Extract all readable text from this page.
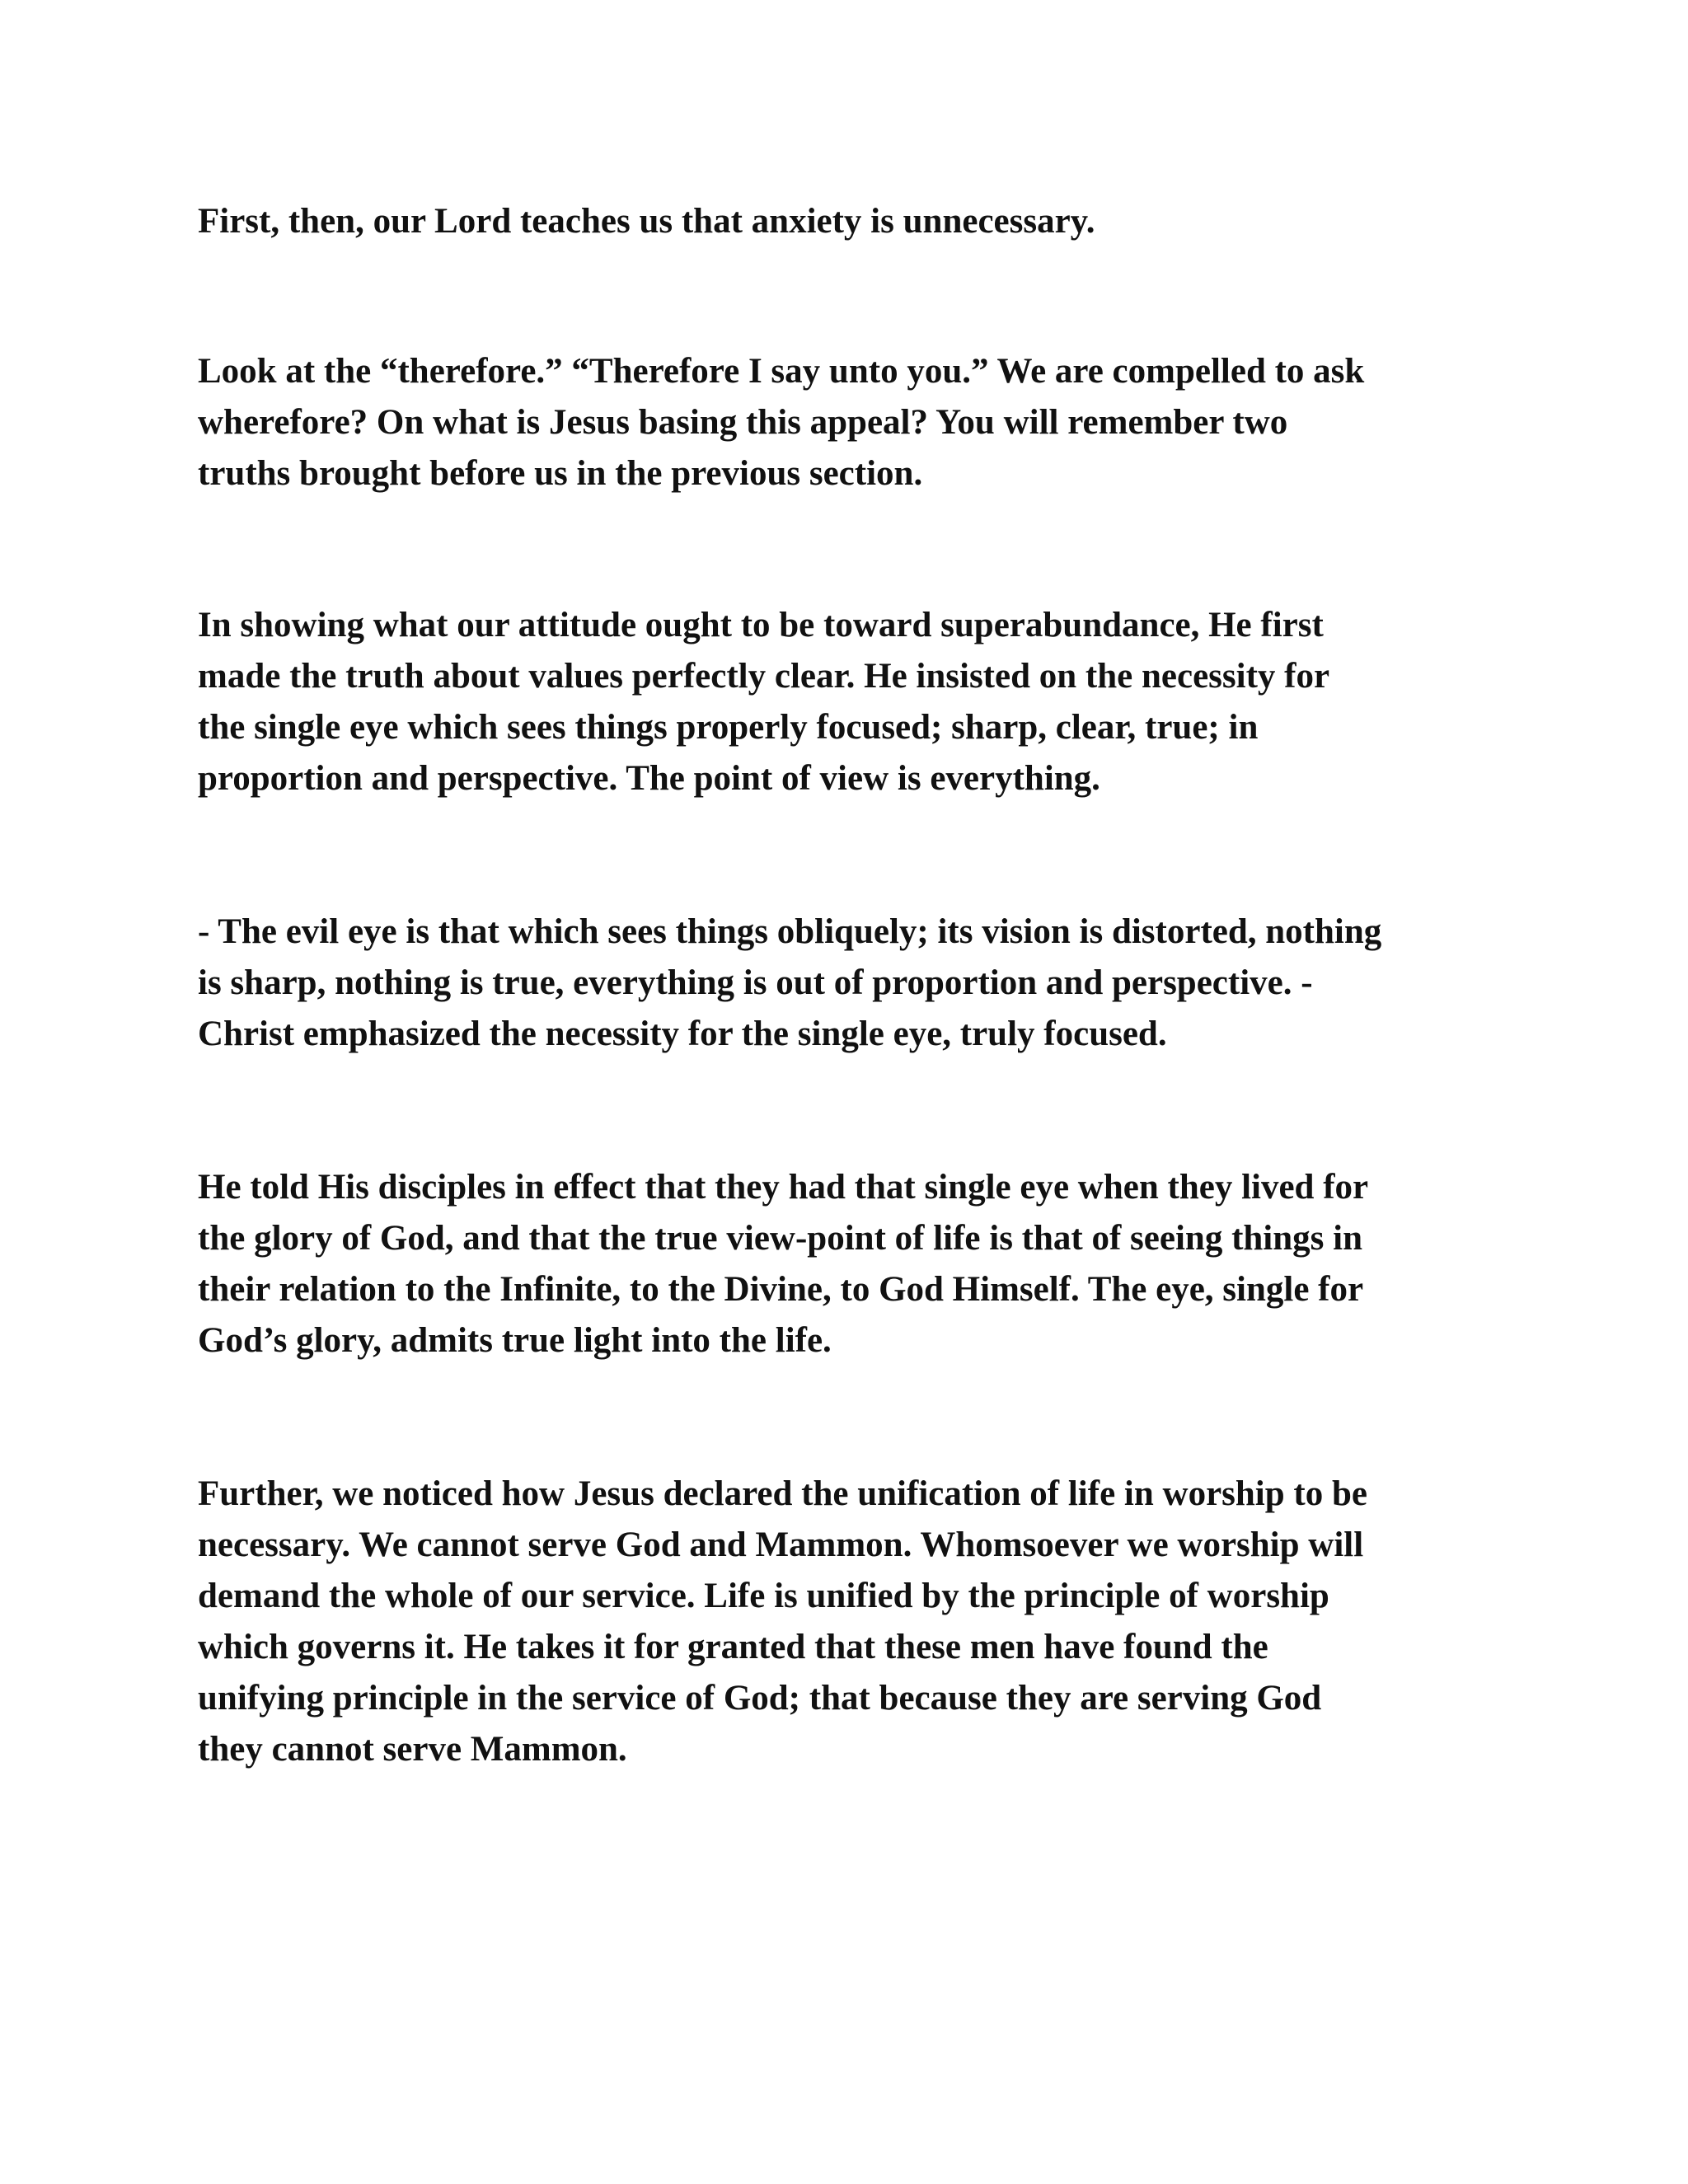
First, then, our Lord teaches us that anxiety is unnecessary.

Look at the “therefore.” “Therefore I say unto you.” We are compelled to ask
wherefore? On what is Jesus basing this appeal? You will remember two
truths brought before us in the previous section.

In showing what our attitude ought to be toward superabundance, He first
made the truth about values perfectly clear. He insisted on the necessity for
the single eye which sees things properly focused; sharp, clear, true; in
proportion and perspective. The point of view is everything.

- The evil eye is that which sees things obliquely; its vision is distorted, nothing
is sharp, nothing is true, everything is out of proportion and perspective. -
Christ emphasized the necessity for the single eye, truly focused.

He told His disciples in effect that they had that single eye when they lived for
the glory of God, and that the true view-point of life is that of seeing things in
their relation to the Infinite, to the Divine, to God Himself. The eye, single for
God’s glory, admits true light into the life.

Further, we noticed how Jesus declared the unification of life in worship to be
necessary. We cannot serve God and Mammon. Whomsoever we worship will
demand the whole of our service. Life is unified by the principle of worship
which governs it. He takes it for granted that these men have found the
unifying principle in the service of God; that because they are serving God
they cannot serve Mammon.
